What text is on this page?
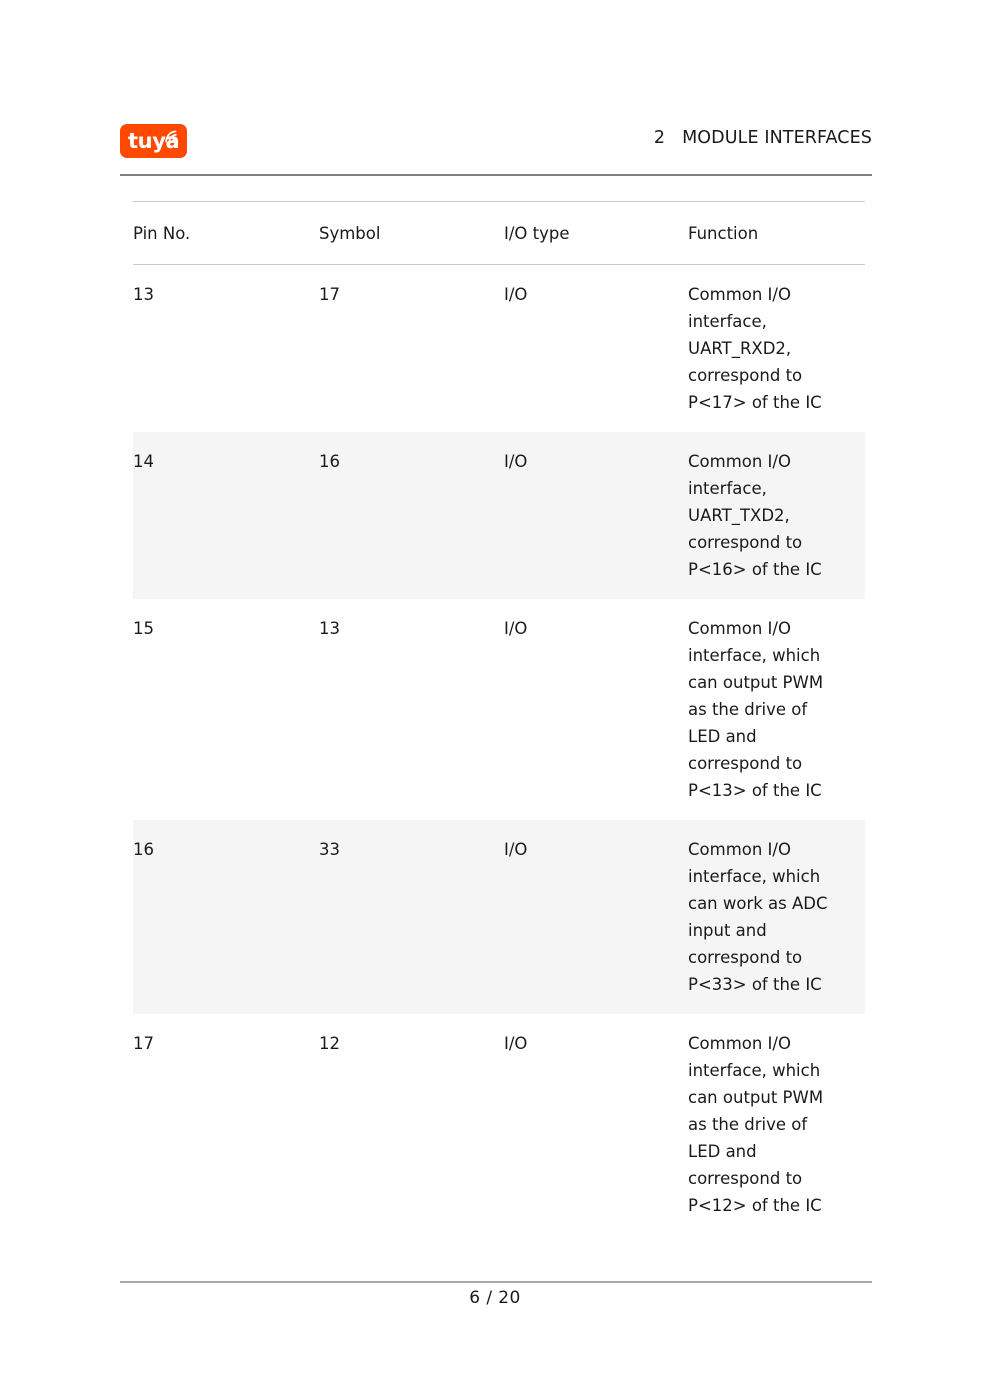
tuya	2   MODULE INTERFACES
Pin No.	Symbol	I/O type	Function
13	17	I/O	Common I/O interface, UART_RXD2, correspond to P<17> of the IC
14	16	I/O	Common I/O interface, UART_TXD2, correspond to P<16> of the IC
15	13	I/O	Common I/O interface, which can output PWM as the drive of LED and correspond to P<13> of the IC
16	33	I/O	Common I/O interface, which can work as ADC input and correspond to P<33> of the IC
17	12	I/O	Common I/O interface, which can output PWM as the drive of LED and correspond to P<12> of the IC
6 / 20
